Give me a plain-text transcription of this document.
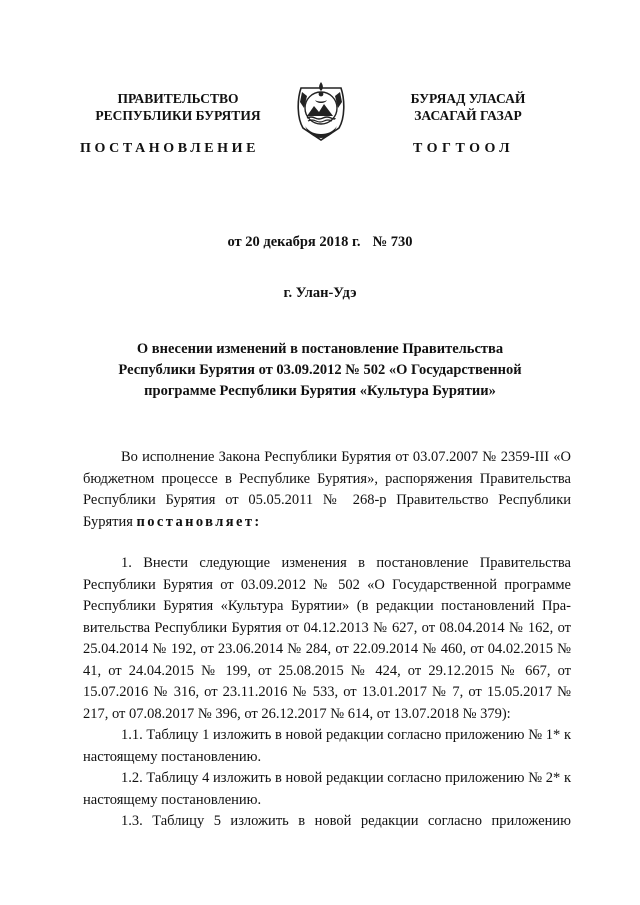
ПРАВИТЕЛЬСТВО
РЕСПУБЛИКИ БУРЯТИЯ
БУРЯАД УЛАСАЙ
ЗАСАГАЙ ГАЗАР
ПОСТАНОВЛЕНИЕ	ТОГТООЛ
от 20 декабря 2018 г. № 730
г. Улан-Удэ
О внесении изменений в постановление Правительства
Республики Бурятия от 03.09.2012 № 502 «О Государственной
программе Республики Бурятия «Культура Бурятии»

Во исполнение Закона Республики Бурятия от 03.07.2007 № 2359-III «О бюджетном процессе в Республике Бурятия», распоряжения Правительства Республики Бурятия от 05.05.2011 № 268-р Правительство Республики Бурятия постановляет:

1. Внести следующие изменения в постановление Правительства Республики Бурятия от 03.09.2012 № 502 «О Государственной программе Республики Бурятия «Культура Бурятии» (в редакции постановлений Правительства Республики Бурятия от 04.12.2013 № 627, от 08.04.2014 № 162, от 25.04.2014 № 192, от 23.06.2014 № 284, от 22.09.2014 № 460, от 04.02.2015 № 41, от 24.04.2015 № 199, от 25.08.2015 № 424, от 29.12.2015 № 667, от 15.07.2016 № 316, от 23.11.2016 № 533, от 13.01.2017 № 7, от 15.05.2017 № 217, от 07.08.2017 № 396, от 26.12.2017 № 614, от 13.07.2018 № 379):

1.1. Таблицу 1 изложить в новой редакции согласно приложению № 1* к настоящему постановлению.

1.2. Таблицу 4 изложить в новой редакции согласно приложению № 2* к настоящему постановлению.

1.3. Таблицу 5 изложить в новой редакции согласно приложению
